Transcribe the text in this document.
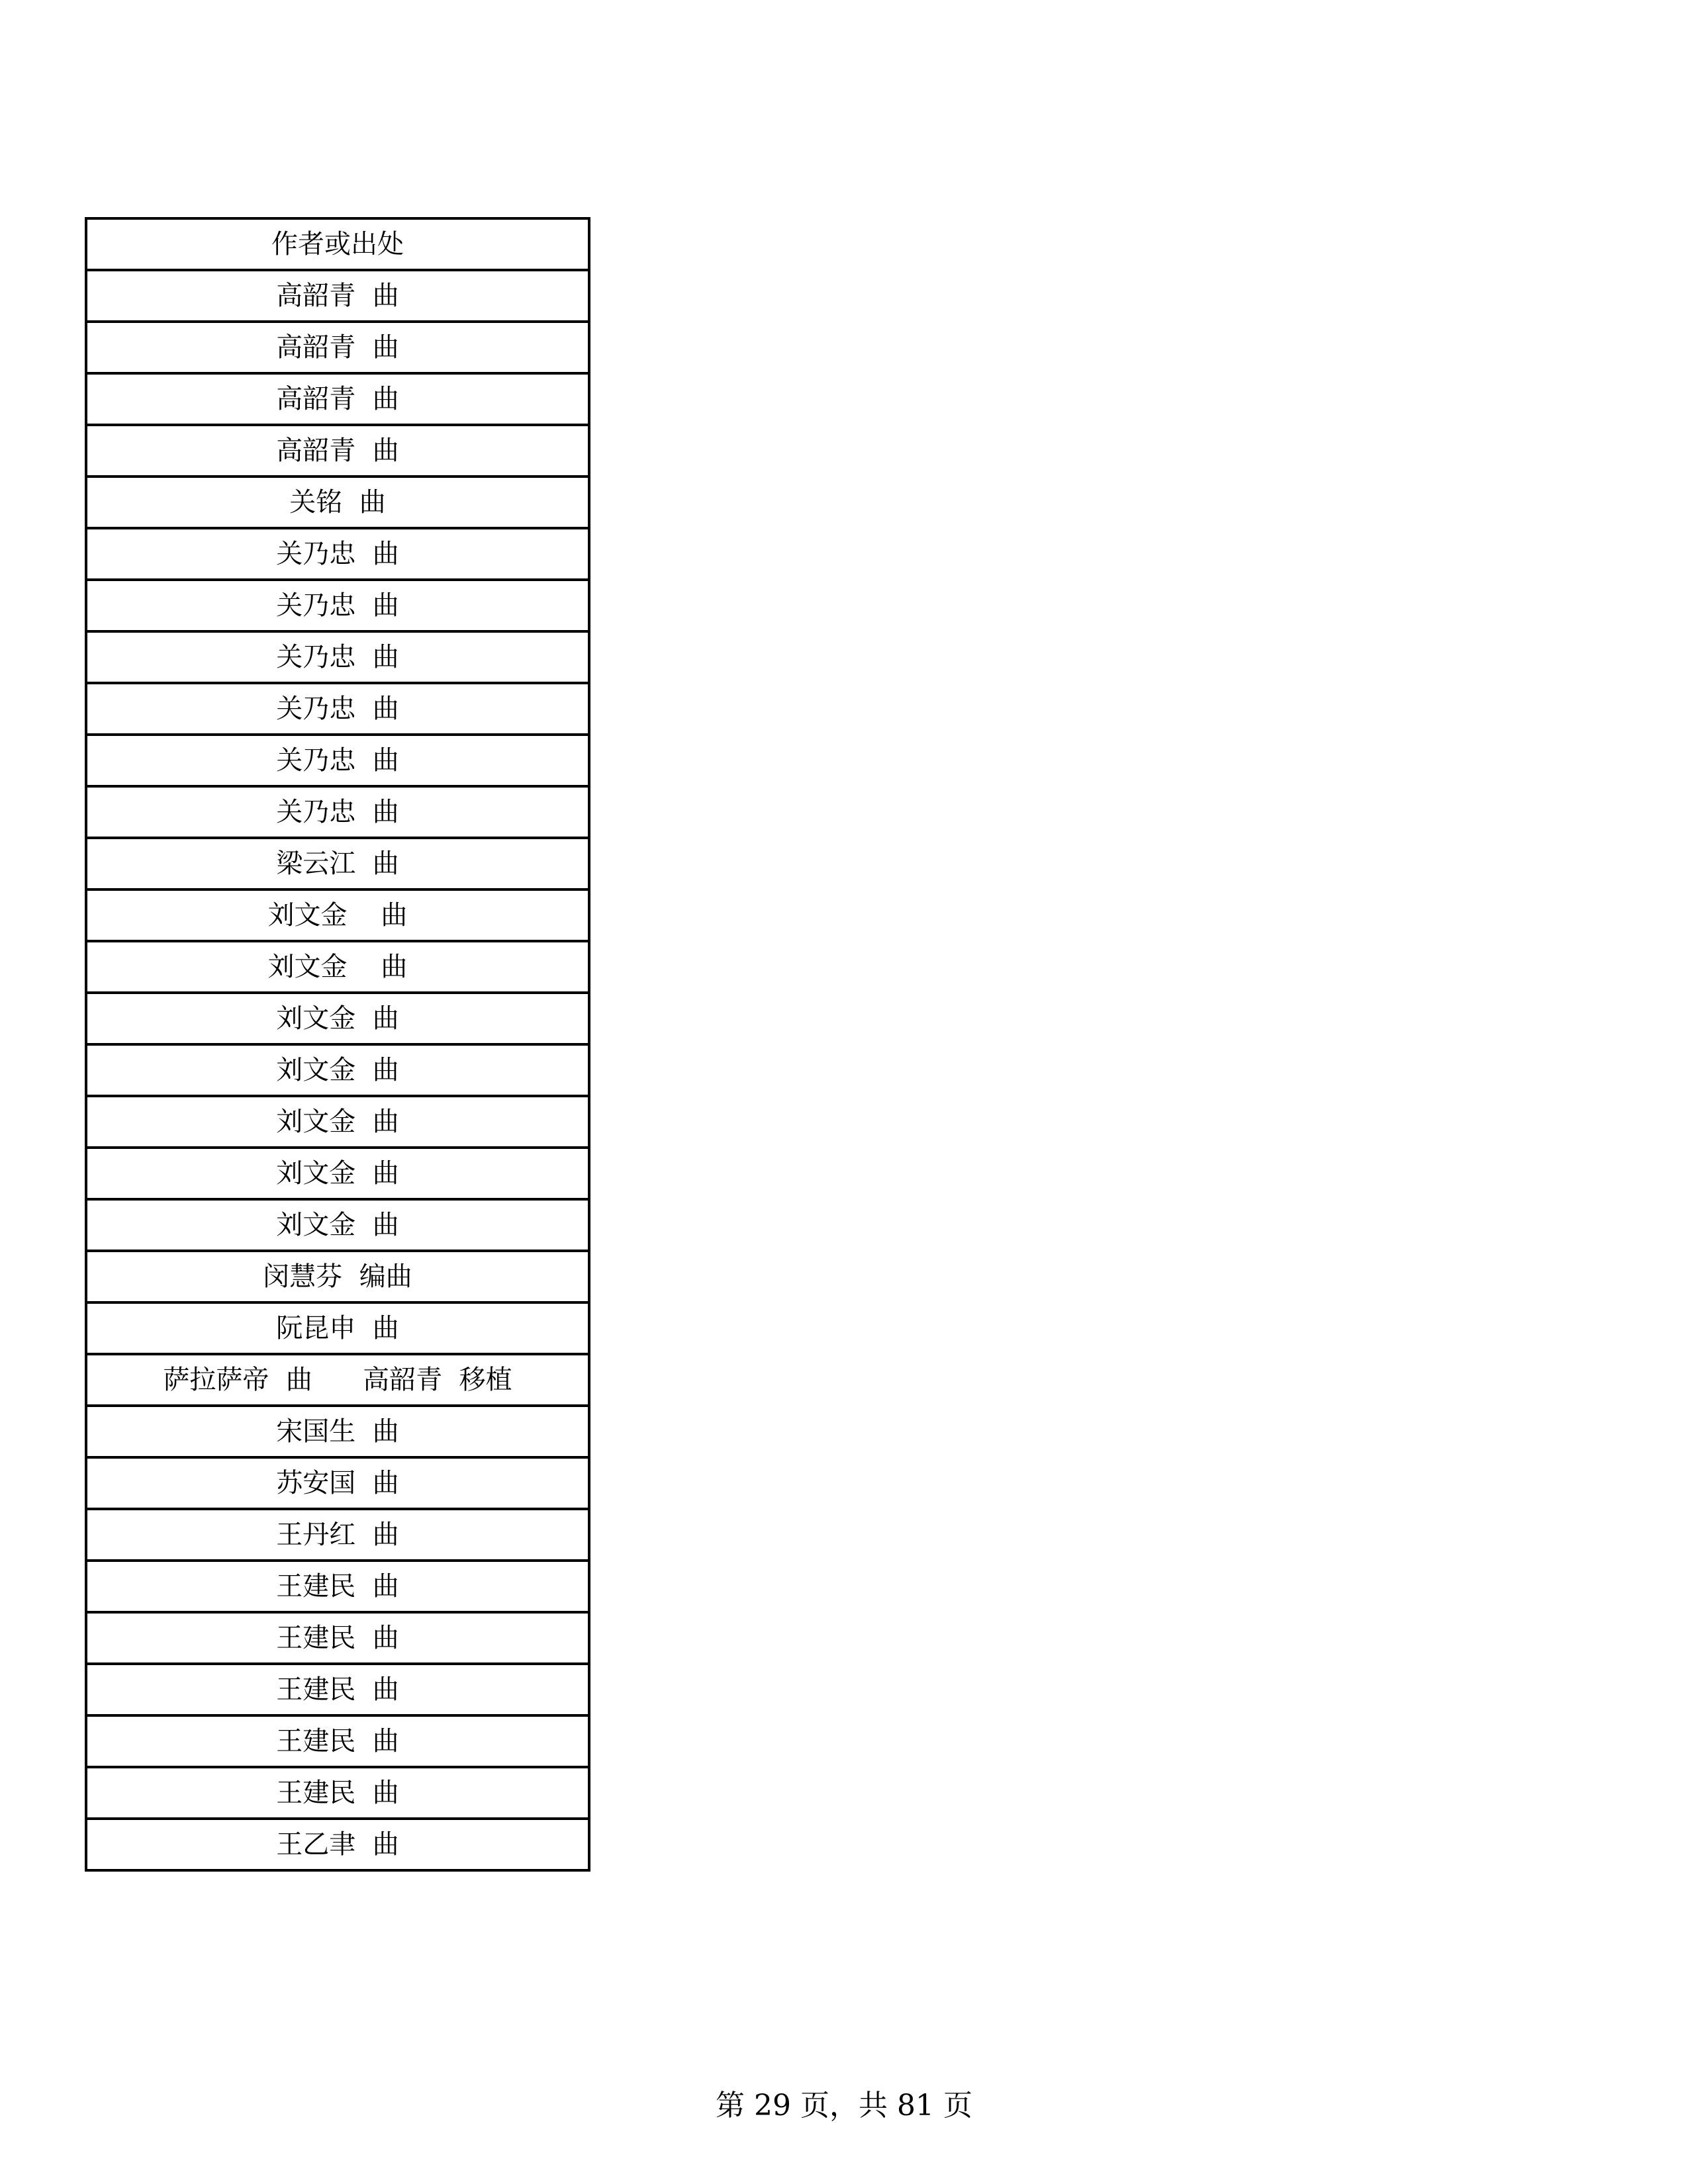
作者或出处
高韶青  曲
高韶青  曲
高韶青  曲
高韶青  曲
关铭  曲
关乃忠  曲
关乃忠  曲
关乃忠  曲
关乃忠  曲
关乃忠  曲
关乃忠  曲
梁云江  曲
刘文金    曲
刘文金    曲
刘文金  曲
刘文金  曲
刘文金  曲
刘文金  曲
刘文金  曲
闵慧芬  编曲
阮昆申  曲
萨拉萨帝  曲      高韶青  移植
宋国生  曲
苏安国  曲
王丹红  曲
王建民  曲
王建民  曲
王建民  曲
王建民  曲
王建民  曲
王乙聿  曲
第 29 页，共 81 页
